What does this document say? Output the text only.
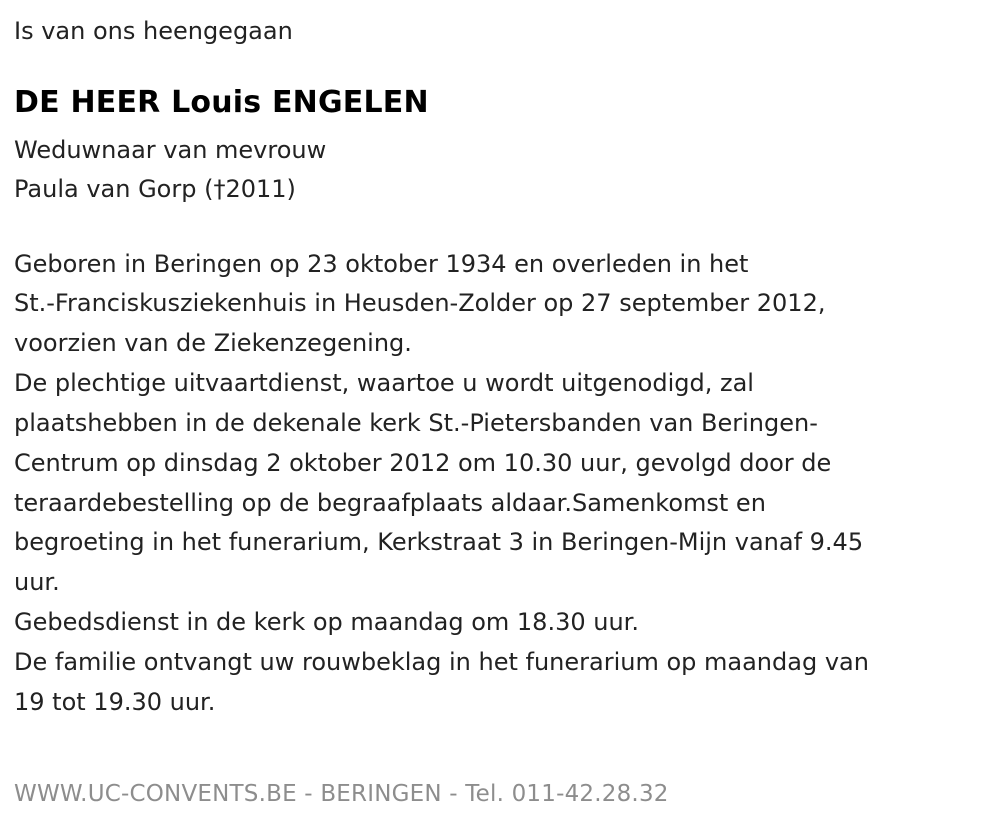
Is van ons heengegaan

DE HEER Louis ENGELEN

Weduwnaar van mevrouw

Paula van Gorp (†2011)

Geboren in Beringen op 23 oktober 1934 en overleden in het

St.-Franciskusziekenhuis in Heusden-Zolder op 27 september 2012,

voorzien van de Ziekenzegening.

De plechtige uitvaartdienst, waartoe u wordt uitgenodigd, zal

plaatshebben in de dekenale kerk St.-Pietersbanden van Beringen-

Centrum op dinsdag 2 oktober 2012 om 10.30 uur, gevolgd door de

teraardebestelling op de begraafplaats aldaar.Samenkomst en

begroeting in het funerarium, Kerkstraat 3 in Beringen-Mijn vanaf 9.45

uur.

Gebedsdienst in de kerk op maandag om 18.30 uur.

De familie ontvangt uw rouwbeklag in het funerarium op maandag van

19 tot 19.30 uur.

WWW.UC-CONVENTS.BE - BERINGEN - Tel. 011-42.28.32
